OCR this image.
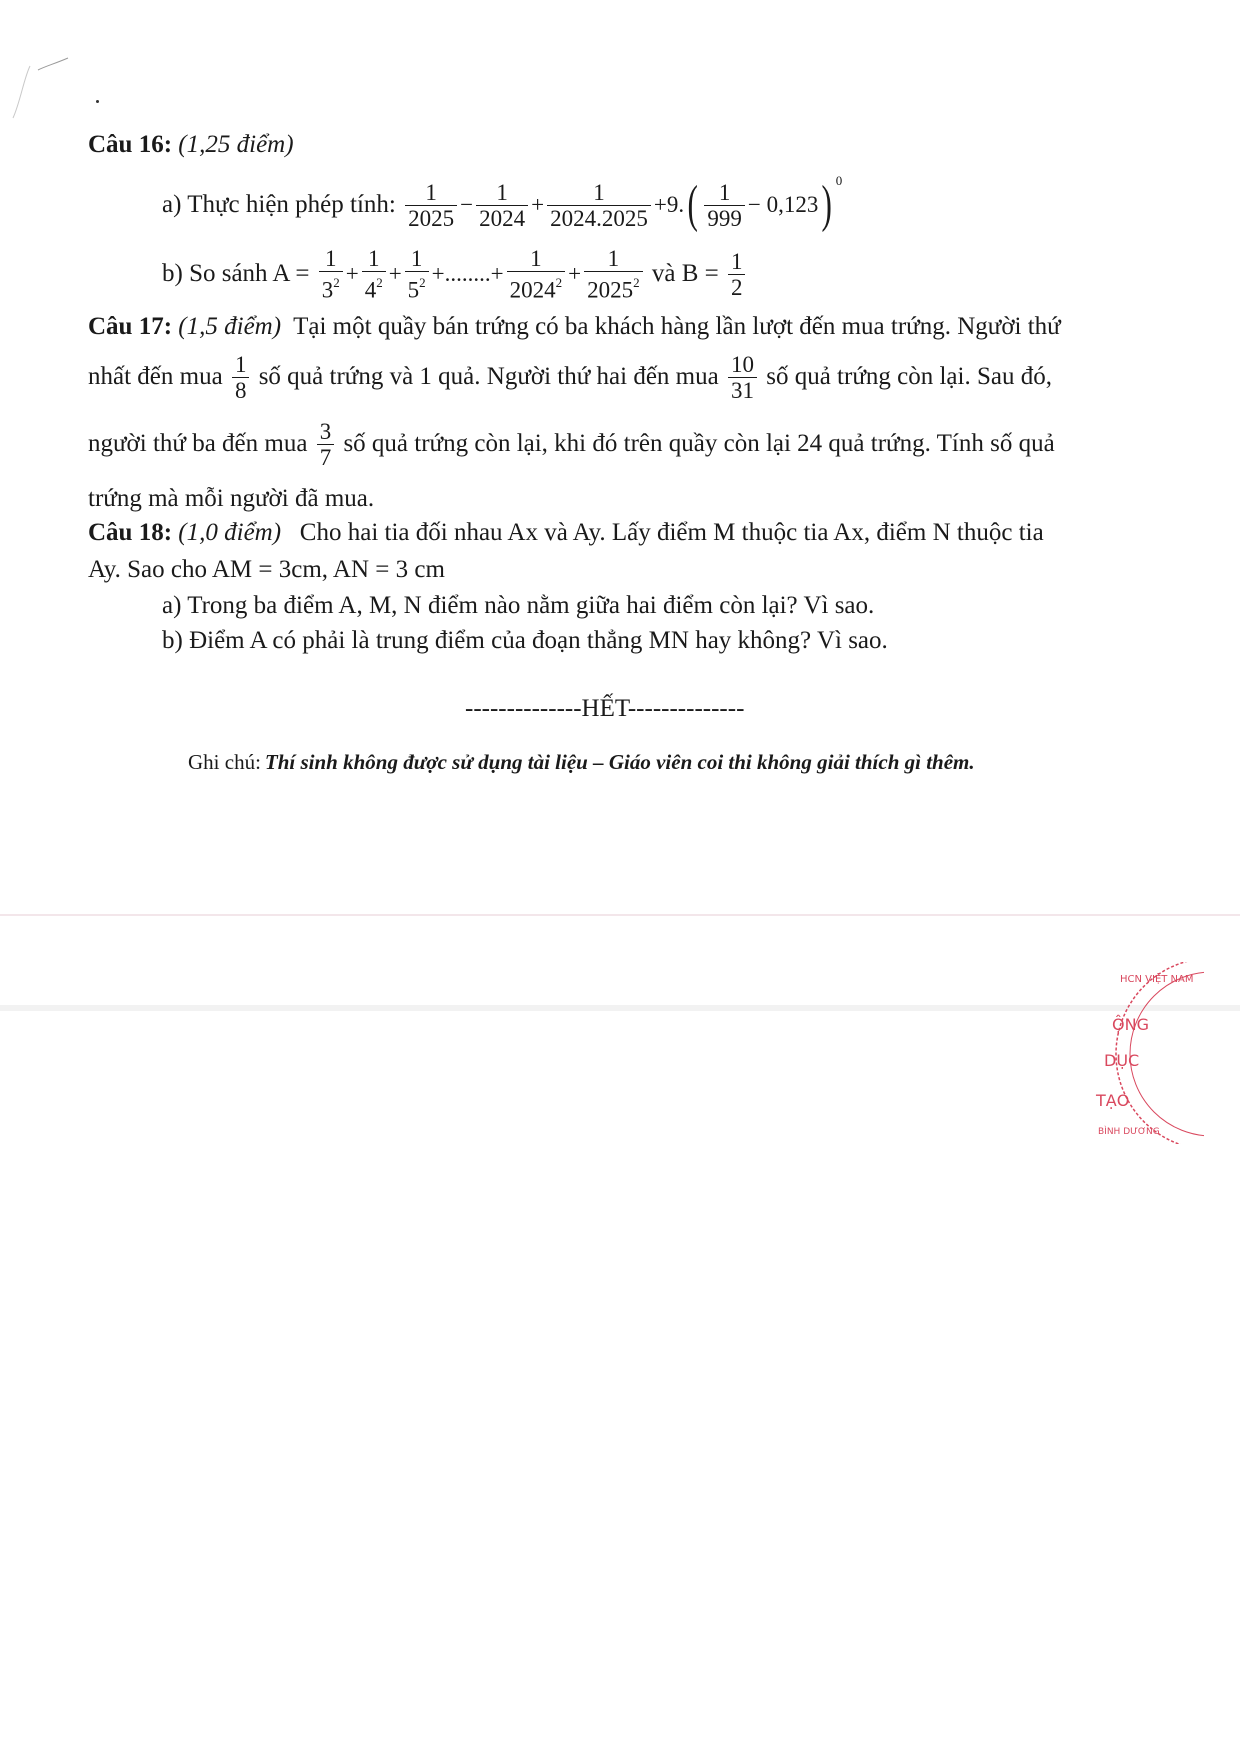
Câu 16: (1,25 điểm)
a) Thực hiện phép tính:
$\frac{1}{2025} - \frac{1}{2024} + \frac{1}{2024.2025} +9$. ( $\frac{1}{999} - 0,123$ ) $^0$
b) So sánh A =
$\frac{1}{3^2} + \frac{1}{4^2} + \frac{1}{5^2}$ +........+ $\frac{1}{2024^2} + \frac{1}{2025^2}$
và B =
$\frac{1}{2}$
Câu 17: (1,5 điểm) Tại một quầy bán trứng có ba khách hàng lần lượt đến mua trứng. Người thứ
nhất đến mua
$\frac{1}{8}$
số quả trứng và 1 quả. Người thứ hai đến mua
$\frac{10}{31}$
số quả trứng còn lại. Sau đó,
người thứ ba đến mua
$\frac{3}{7}$
số quả trứng còn lại, khi đó trên quầy còn lại 24 quả trứng. Tính số quả
trứng mà mỗi người đã mua.
Câu 18: (1,0 điểm) Cho hai tia đối nhau Ax và Ay. Lấy điểm M thuộc tia Ax, điểm N thuộc tia
Ay. Sao cho AM = 3cm, AN = 3 cm
a) Trong ba điểm A, M, N điểm nào nằm giữa hai điểm còn lại? Vì sao.
b) Điểm A có phải là trung điểm của đoạn thẳng MN hay không? Vì sao.
--------------HẾT--------------
Ghi chú: Thí sinh không được sử dụng tài liệu – Giáo viên coi thi không giải thích gì thêm.
ỘNG
DỤC
TẠO
HCN VIỆT NAM
BÌNH DƯƠNG
